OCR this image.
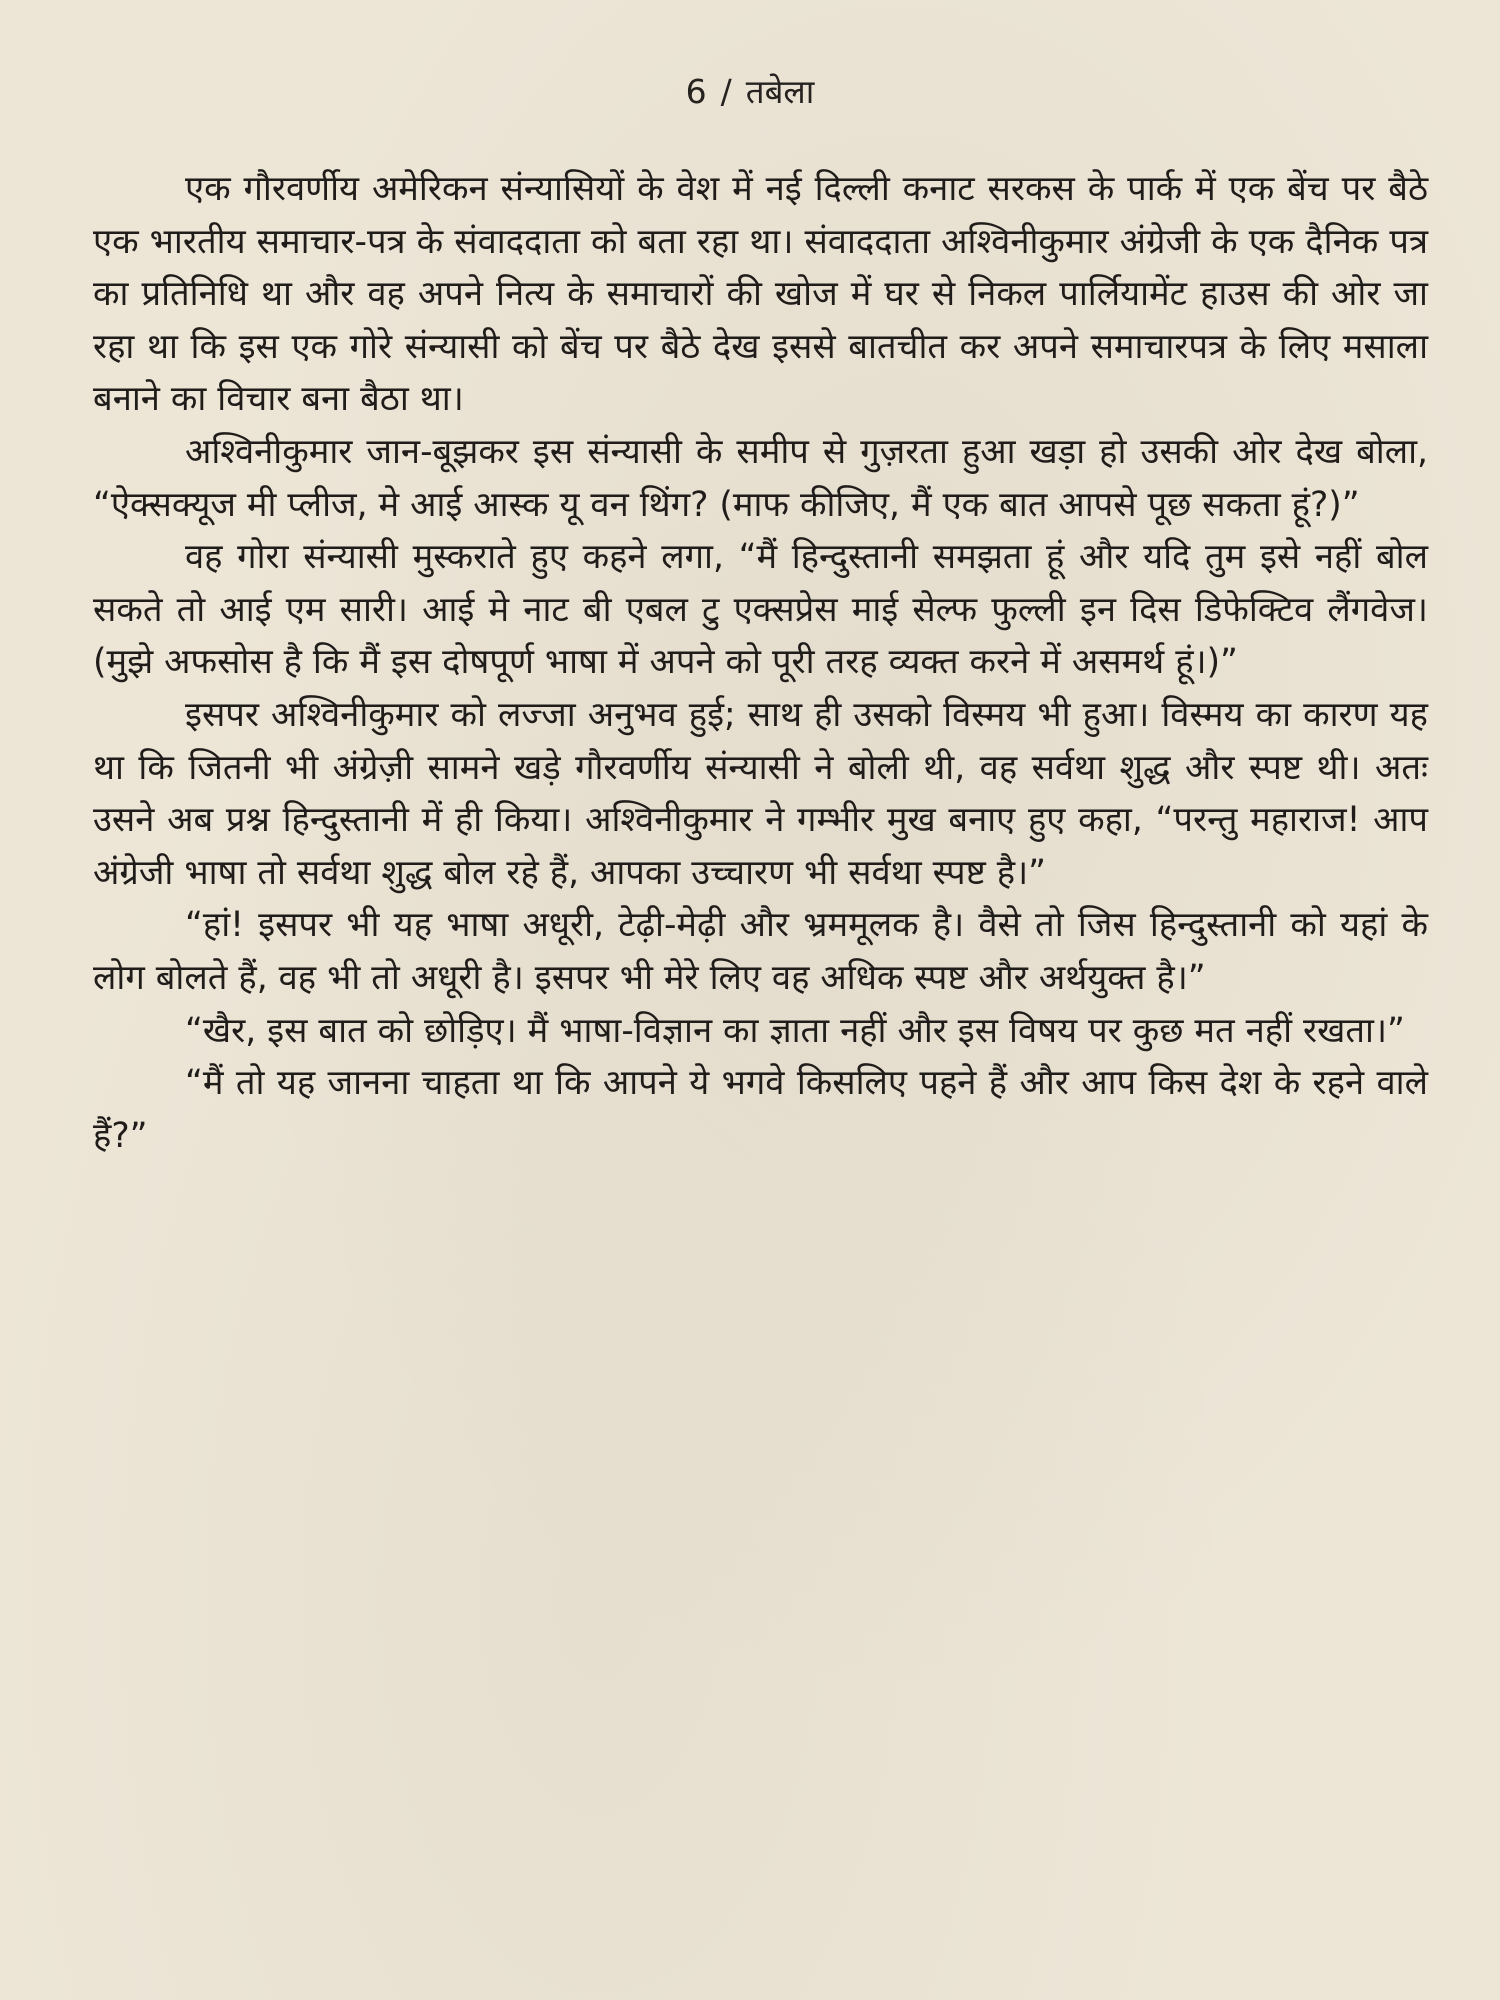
6 / तबेला

एक गौरवर्णीय अमेरिकन संन्यासियों के वेश में नई दिल्ली कनाट सरकस के पार्क में एक बेंच पर बैठे एक भारतीय समाचार-पत्र के संवाददाता को बता रहा था। संवाददाता अश्विनीकुमार अंग्रेजी के एक दैनिक पत्र का प्रतिनिधि था और वह अपने नित्य के समाचारों की खोज में घर से निकल पार्लियामेंट हाउस की ओर जा रहा था कि इस एक गोरे संन्यासी को बेंच पर बैठे देख इससे बातचीत कर अपने समाचारपत्र के लिए मसाला बनाने का विचार बना बैठा था।

अश्विनीकुमार जान-बूझकर इस संन्यासी के समीप से गुज़रता हुआ खड़ा हो उसकी ओर देख बोला, “ऐक्सक्यूज मी प्लीज, मे आई आस्क यू वन थिंग? (माफ कीजिए, मैं एक बात आपसे पूछ सकता हूं?)”

वह गोरा संन्यासी मुस्कराते हुए कहने लगा, “मैं हिन्दुस्तानी समझता हूं और यदि तुम इसे नहीं बोल सकते तो आई एम सारी। आई मे नाट बी एबल टु एक्सप्रेस माई सेल्फ फुल्ली इन दिस डिफेक्टिव लैंगवेज। (मुझे अफसोस है कि मैं इस दोषपूर्ण भाषा में अपने को पूरी तरह व्यक्त करने में असमर्थ हूं।)”

इसपर अश्विनीकुमार को लज्जा अनुभव हुई; साथ ही उसको विस्मय भी हुआ। विस्मय का कारण यह था कि जितनी भी अंग्रेज़ी सामने खड़े गौरवर्णीय संन्यासी ने बोली थी, वह सर्वथा शुद्ध और स्पष्ट थी। अतः उसने अब प्रश्न हिन्दुस्तानी में ही किया। अश्विनीकुमार ने गम्भीर मुख बनाए हुए कहा, “परन्तु महाराज! आप अंग्रेजी भाषा तो सर्वथा शुद्ध बोल रहे हैं, आपका उच्चारण भी सर्वथा स्पष्ट है।”

“हां! इसपर भी यह भाषा अधूरी, टेढ़ी-मेढ़ी और भ्रममूलक है। वैसे तो जिस हिन्दुस्तानी को यहां के लोग बोलते हैं, वह भी तो अधूरी है। इसपर भी मेरे लिए वह अधिक स्पष्ट और अर्थयुक्त है।”

“खैर, इस बात को छोड़िए। मैं भाषा-विज्ञान का ज्ञाता नहीं और इस विषय पर कुछ मत नहीं रखता।”

“मैं तो यह जानना चाहता था कि आपने ये भगवे किसलिए पहने हैं और आप किस देश के रहने वाले हैं?”
